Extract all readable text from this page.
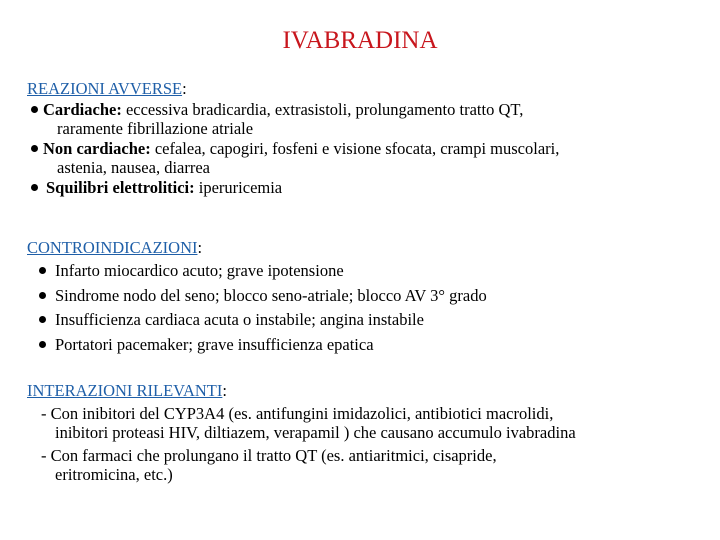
IVABRADINA
REAZIONI AVVERSE:
Cardiache: eccessiva bradicardia, extrasistoli, prolungamento tratto QT,
raramente fibrillazione atriale
Non cardiache: cefalea, capogiri, fosfeni e visione sfocata, crampi muscolari,
astenia, nausea, diarrea
Squilibri elettrolitici: iperuricemia
CONTROINDICAZIONI:
Infarto miocardico acuto; grave ipotensione
Sindrome nodo del seno; blocco seno-atriale; blocco AV 3° grado
Insufficienza cardiaca acuta o instabile; angina instabile
Portatori pacemaker; grave insufficienza epatica
INTERAZIONI RILEVANTI:
- Con inibitori del CYP3A4 (es. antifungini imidazolici, antibiotici macrolidi,
inibitori proteasi HIV, diltiazem, verapamil ) che causano accumulo ivabradina
- Con farmaci che prolungano il tratto QT (es. antiaritmici, cisapride,
eritromicina, etc.)
